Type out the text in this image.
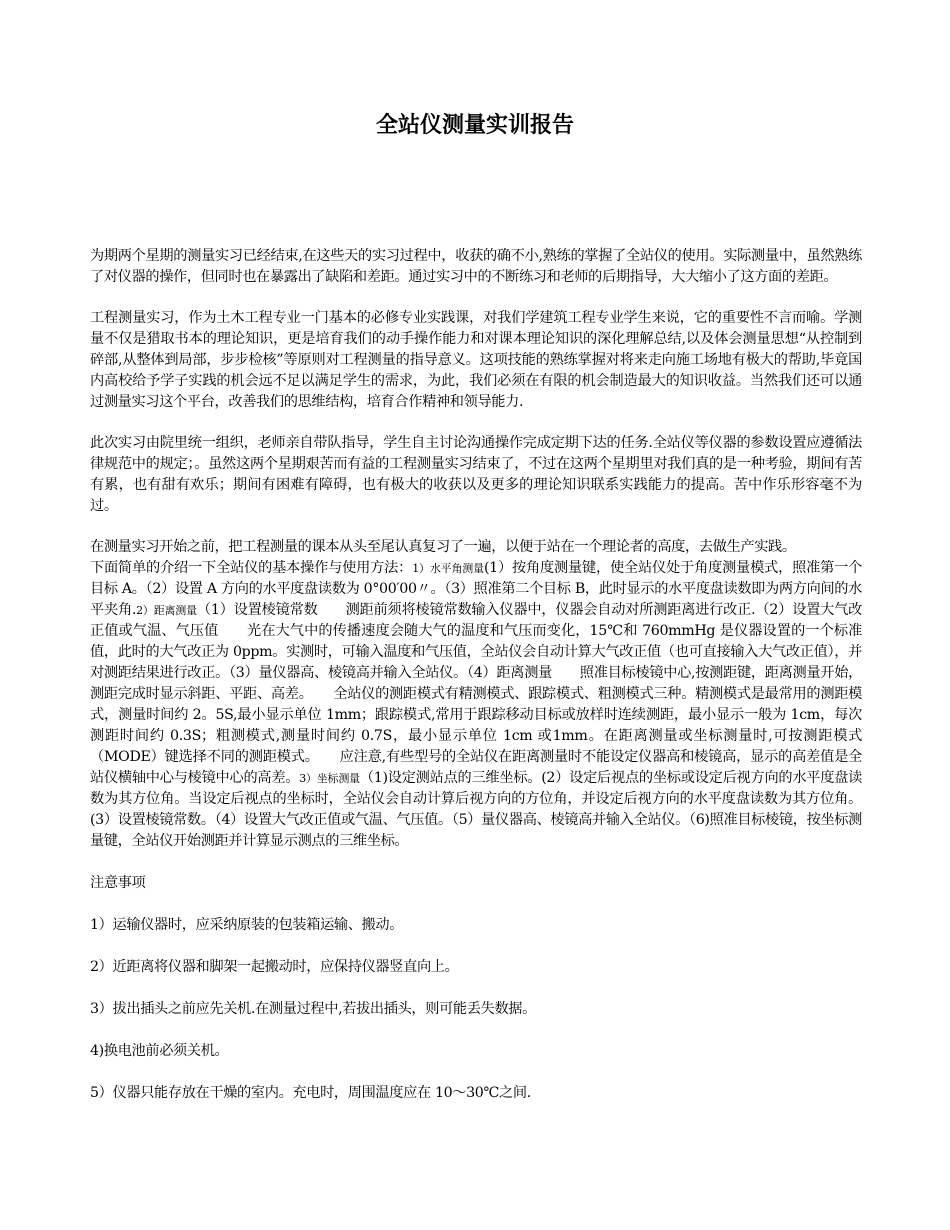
全站仪测量实训报告

为期两个星期的测量实习已经结束,在这些天的实习过程中，收获的确不小,熟练的掌握了全站仪的使用。实际测量中，虽然熟练了对仪器的操作，但同时也在暴露出了缺陷和差距。通过实习中的不断练习和老师的后期指导，大大缩小了这方面的差距。

工程测量实习，作为土木工程专业一门基本的必修专业实践课，对我们学建筑工程专业学生来说，它的重要性不言而喻。学测量不仅是猎取书本的理论知识，更是培育我们的动手操作能力和对课本理论知识的深化理解总结,以及体会测量思想“从控制到碎部,从整体到局部，步步检核”等原则对工程测量的指导意义。这项技能的熟练掌握对将来走向施工场地有极大的帮助,毕竟国内高校给予学子实践的机会远不足以满足学生的需求，为此，我们必须在有限的机会制造最大的知识收益。当然我们还可以通过测量实习这个平台，改善我们的思维结构，培育合作精神和领导能力.

此次实习由院里统一组织，老师亲自带队指导，学生自主讨论沟通操作完成定期下达的任务.全站仪等仪器的参数设置应遵循法律规范中的规定；。虽然这两个星期艰苦而有益的工程测量实习结束了，不过在这两个星期里对我们真的是一种考验，期间有苦有累，也有甜有欢乐；期间有困难有障碍，也有极大的收获以及更多的理论知识联系实践能力的提高。苦中作乐形容毫不为过。

在测量实习开始之前，把工程测量的课本从头至尾认真复习了一遍，以便于站在一个理论者的高度，去做生产实践。

下面简单的介绍一下全站仪的基本操作与使用方法：1）水平角测量(1）按角度测量键，使全站仪处于角度测量模式，照准第一个目标 A。（2）设置 A 方向的水平度盘读数为 0°00′00〃。（3）照准第二个目标 B，此时显示的水平度盘读数即为两方向间的水平夹角.2）距离测量（1）设置棱镜常数　　测距前须将棱镜常数输入仪器中，仪器会自动对所测距离进行改正.（2）设置大气改正值或气温、气压值　　光在大气中的传播速度会随大气的温度和气压而变化，15℃和 760mmHg 是仪器设置的一个标准值，此时的大气改正为 0ppm。实测时，可输入温度和气压值，全站仪会自动计算大气改正值（也可直接输入大气改正值），并对测距结果进行改正。（3）量仪器高、棱镜高并输入全站仪。（4）距离测量　　照准目标棱镜中心,按测距键，距离测量开始，测距完成时显示斜距、平距、高差。　　全站仪的测距模式有精测模式、跟踪模式、粗测模式三种。精测模式是最常用的测距模式，测量时间约 2。5S,最小显示单位 1mm；跟踪模式,常用于跟踪移动目标或放样时连续测距，最小显示一般为 1cm，每次测距时间约 0.3S；粗测模式,测量时间约 0.7S，最小显示单位 1cm 或1mm。在距离测量或坐标测量时,可按测距模式（MODE）键选择不同的测距模式。　　应注意,有些型号的全站仪在距离测量时不能设定仪器高和棱镜高，显示的高差值是全站仪横轴中心与棱镜中心的高差。3）坐标测量（1)设定测站点的三维坐标。(2）设定后视点的坐标或设定后视方向的水平度盘读数为其方位角。当设定后视点的坐标时，全站仪会自动计算后视方向的方位角，并设定后视方向的水平度盘读数为其方位角。(3）设置棱镜常数。（4）设置大气改正值或气温、气压值。（5）量仪器高、棱镜高并输入全站仪。（6)照准目标棱镜，按坐标测量键，全站仪开始测距并计算显示测点的三维坐标。

注意事项

1）运输仪器时，应采纳原装的包装箱运输、搬动。

2）近距离将仪器和脚架一起搬动时，应保持仪器竖直向上。

3）拔出插头之前应先关机.在测量过程中,若拔出插头，则可能丢失数据。

4)换电池前必须关机。

5）仪器只能存放在干燥的室内。充电时，周围温度应在 10～30℃之间.
